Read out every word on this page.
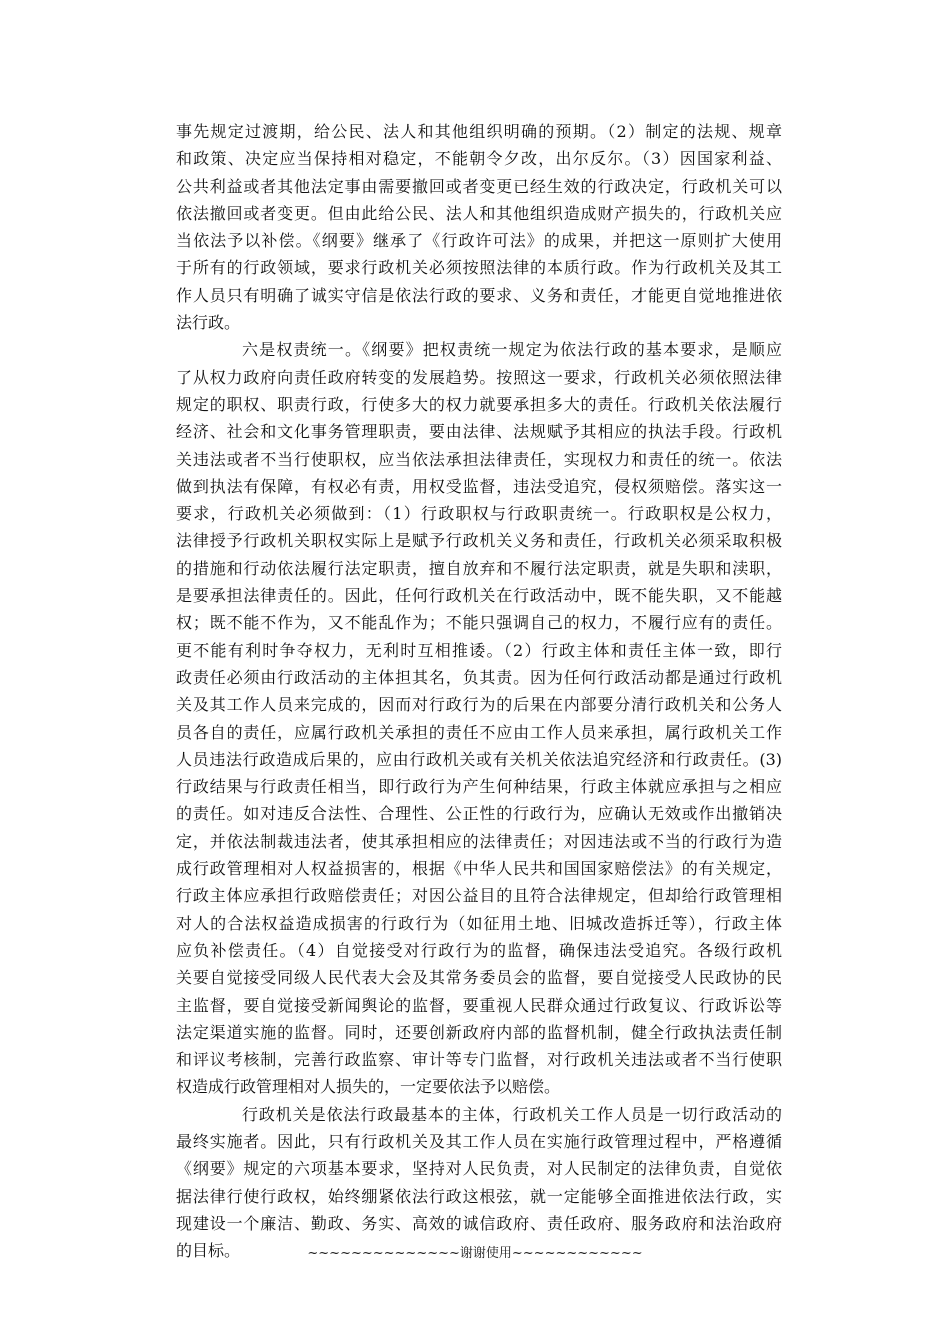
事先规定过渡期，给公民、法人和其他组织明确的预期。（2）制定的法规、规章
和政策、决定应当保持相对稳定，不能朝令夕改，出尔反尔。（3）因国家利益、
公共利益或者其他法定事由需要撤回或者变更已经生效的行政决定，行政机关可以
依法撤回或者变更。但由此给公民、法人和其他组织造成财产损失的，行政机关应
当依法予以补偿。《纲要》继承了《行政许可法》的成果，并把这一原则扩大使用
于所有的行政领域，要求行政机关必须按照法律的本质行政。作为行政机关及其工
作人员只有明确了诚实守信是依法行政的要求、义务和责任，才能更自觉地推进依
法行政。
六是权责统一。《纲要》把权责统一规定为依法行政的基本要求，是顺应
了从权力政府向责任政府转变的发展趋势。按照这一要求，行政机关必须依照法律
规定的职权、职责行政，行使多大的权力就要承担多大的责任。行政机关依法履行
经济、社会和文化事务管理职责，要由法律、法规赋予其相应的执法手段。行政机
关违法或者不当行使职权，应当依法承担法律责任，实现权力和责任的统一。依法
做到执法有保障，有权必有责，用权受监督，违法受追究，侵权须赔偿。落实这一
要求，行政机关必须做到：（1）行政职权与行政职责统一。行政职权是公权力，
法律授予行政机关职权实际上是赋予行政机关义务和责任，行政机关必须采取积极
的措施和行动依法履行法定职责，擅自放弃和不履行法定职责，就是失职和渎职，
是要承担法律责任的。因此，任何行政机关在行政活动中，既不能失职，又不能越
权；既不能不作为，又不能乱作为；不能只强调自己的权力，不履行应有的责任。
更不能有利时争夺权力，无利时互相推诿。（2）行政主体和责任主体一致，即行
政责任必须由行政活动的主体担其名，负其责。因为任何行政活动都是通过行政机
关及其工作人员来完成的，因而对行政行为的后果在内部要分清行政机关和公务人
员各自的责任，应属行政机关承担的责任不应由工作人员来承担，属行政机关工作
人员违法行政造成后果的，应由行政机关或有关机关依法追究经济和行政责任。(3)
行政结果与行政责任相当，即行政行为产生何种结果，行政主体就应承担与之相应
的责任。如对违反合法性、合理性、公正性的行政行为，应确认无效或作出撤销决
定，并依法制裁违法者，使其承担相应的法律责任；对因违法或不当的行政行为造
成行政管理相对人权益损害的，根据《中华人民共和国国家赔偿法》的有关规定，
行政主体应承担行政赔偿责任；对因公益目的且符合法律规定，但却给行政管理相
对人的合法权益造成损害的行政行为（如征用土地、旧城改造拆迁等），行政主体
应负补偿责任。（4）自觉接受对行政行为的监督，确保违法受追究。各级行政机
关要自觉接受同级人民代表大会及其常务委员会的监督，要自觉接受人民政协的民
主监督，要自觉接受新闻舆论的监督，要重视人民群众通过行政复议、行政诉讼等
法定渠道实施的监督。同时，还要创新政府内部的监督机制，健全行政执法责任制
和评议考核制，完善行政监察、审计等专门监督，对行政机关违法或者不当行使职
权造成行政管理相对人损失的，一定要依法予以赔偿。
行政机关是依法行政最基本的主体，行政机关工作人员是一切行政活动的
最终实施者。因此，只有行政机关及其工作人员在实施行政管理过程中，严格遵循
《纲要》规定的六项基本要求，坚持对人民负责，对人民制定的法律负责，自觉依
据法律行使行政权，始终绷紧依法行政这根弦，就一定能够全面推进依法行政，实
现建设一个廉洁、勤政、务实、高效的诚信政府、责任政府、服务政府和法治政府
的目标。	~~~~~~~~~~~~~~谢谢使用~~~~~~~~~~~~
